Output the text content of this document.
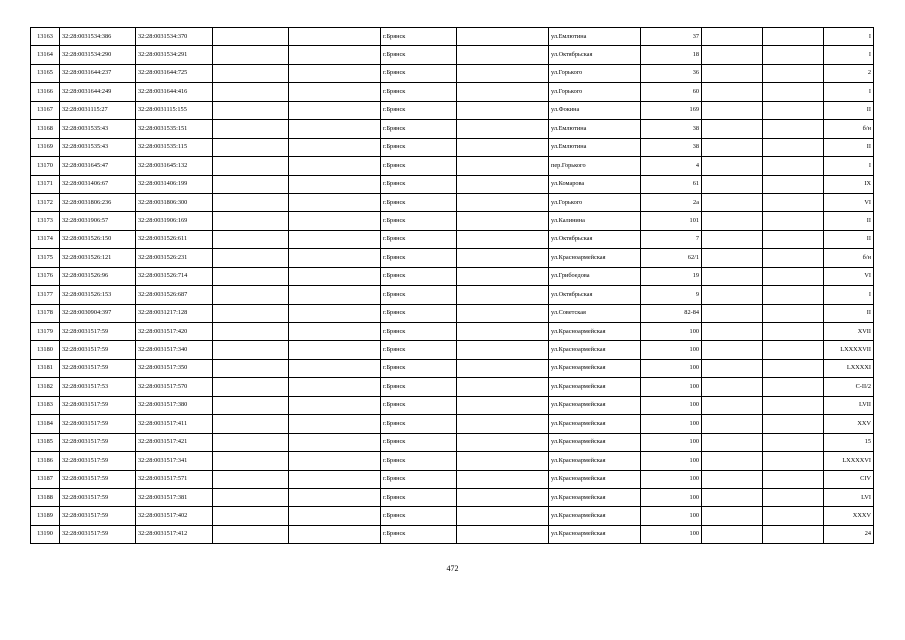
13163	32:28:0031534:386	32:28:0031534:370			г.Брянск		ул.Емлютина	37			I
13164	32:28:0031534:290	32:28:0031534:291			г.Брянск		ул.Октябрьская	18			I
13165	32:28:0031644:237	32:28:0031644:725			г.Брянск		ул.Горького	36			2
13166	32:28:0031644:249	32:28:0031644:416			г.Брянск		ул.Горького	60			I
13167	32:28:0031115:27	32:28:0031115:155			г.Брянск		ул.Фокина	169			II
13168	32:28:0031535:43	32:28:0031535:151			г.Брянск		ул.Емлютина	38			б/н
13169	32:28:0031535:43	32:28:0031535:115			г.Брянск		ул.Емлютина	38			II
13170	32:28:0031645:47	32:28:0031645:132			г.Брянск		пер.Горького	4			I
13171	32:28:0031406:67	32:28:0031406:199			г.Брянск		ул.Комарова	61			IX
13172	32:28:0031806:236	32:28:0031806:300			г.Брянск		ул.Горького	2а			VI
13173	32:28:0031906:57	32:28:0031906:169			г.Брянск		ул.Калинина	101			II
13174	32:28:0031526:150	32:28:0031526:611			г.Брянск		ул.Октябрьская	7			II
13175	32:28:0031526:121	32:28:0031526:231			г.Брянск		ул.Красноармейская	62/1			б/н
13176	32:28:0031526:96	32:28:0031526:714			г.Брянск		ул.Грибоедова	19			VI
13177	32:28:0031526:153	32:28:0031526:687			г.Брянск		ул.Октябрьская	9			I
13178	32:28:0030904:397	32:28:0031217:128			г.Брянск		ул.Советская	82-84			II
13179	32:28:0031517:59	32:28:0031517:420			г.Брянск		ул.Красноармейская	100			XVII
13180	32:28:0031517:59	32:28:0031517:340			г.Брянск		ул.Красноармейская	100			LXXXXVII
13181	32:28:0031517:59	32:28:0031517:350			г.Брянск		ул.Красноармейская	100			LXXXXI
13182	32:28:0031517:53	32:28:0031517:570			г.Брянск		ул.Красноармейская	100			C-II/2
13183	32:28:0031517:59	32:28:0031517:380			г.Брянск		ул.Красноармейская	100			LVII
13184	32:28:0031517:59	32:28:0031517:411			г.Брянск		ул.Красноармейская	100			XXV
13185	32:28:0031517:59	32:28:0031517:421			г.Брянск		ул.Красноармейская	100			15
13186	32:28:0031517:59	32:28:0031517:341			г.Брянск		ул.Красноармейская	100			LXXXXVI
13187	32:28:0031517:59	32:28:0031517:571			г.Брянск		ул.Красноармейская	100			CIV
13188	32:28:0031517:59	32:28:0031517:381			г.Брянск		ул.Красноармейская	100			LVI
13189	32:28:0031517:59	32:28:0031517:402			г.Брянск		ул.Красноармейская	100			XXXV
13190	32:28:0031517:59	32:28:0031517:412			г.Брянск		ул.Красноармейская	100			24
472
